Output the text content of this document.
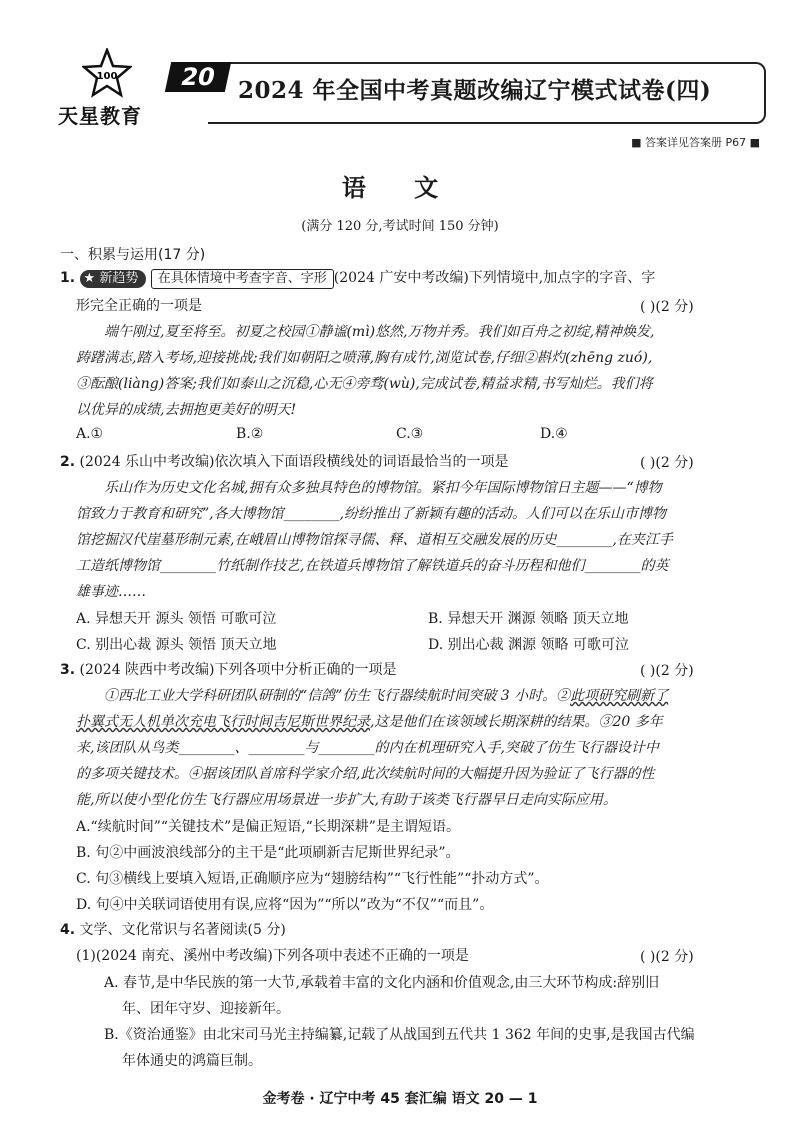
100
天星教育
20 2024 年全国中考真题改编辽宁模式试卷(四)
■ 答案详见答案册 P67 ■
语 文
(满分 120 分,考试时间 150 分钟)
一、积累与运用(17 分)
1. ★ 新趋势 在具体情境中考查字音、字形 (2024 广安中考改编)下列情境中,加点字的字音、字
形完全正确的一项是	( )(2 分)
端午刚过,夏至将至。初夏之校园①静谧(mì)悠然,万物并秀。我们如百舟之初绽,精神焕发,
踌躇满志,踏入考场,迎接挑战;我们如朝阳之喷薄,胸有成竹,浏览试卷,仔细②斟灼(zhēng zuó),
③酝酿(liàng)答案;我们如泰山之沉稳,心无④旁骛(wù),完成试卷,精益求精,书写灿烂。我们将
以优异的成绩,去拥抱更美好的明天!
A.①	B.②	C.③	D.④
2. (2024 乐山中考改编)依次填入下面语段横线处的词语最恰当的一项是	( )(2 分)
乐山作为历史文化名城,拥有众多独具特色的博物馆。紧扣今年国际博物馆日主题——“博物
馆致力于教育和研究”,各大博物馆________,纷纷推出了新颖有趣的活动。人们可以在乐山市博物
馆挖掘汉代崖墓形制元素,在峨眉山博物馆探寻儒、释、道相互交融发展的历史________,在夹江手
工造纸博物馆________竹纸制作技艺,在铁道兵博物馆了解铁道兵的奋斗历程和他们________的英
雄事迹……
A. 异想天开 源头 领悟 可歌可泣	B. 异想天开 渊源 领略 顶天立地
C. 别出心裁 源头 领悟 顶天立地	D. 别出心裁 渊源 领略 可歌可泣
3. (2024 陕西中考改编)下列各项中分析正确的一项是	( )(2 分)
①西北工业大学科研团队研制的“信鸽”仿生飞行器续航时间突破 3 小时。②此项研究刷新了
扑翼式无人机单次充电飞行时间吉尼斯世界纪录,这是他们在该领域长期深耕的结果。③20 多年
来,该团队从鸟类________、________与________的内在机理研究入手,突破了仿生飞行器设计中
的多项关键技术。④据该团队首席科学家介绍,此次续航时间的大幅提升因为验证了飞行器的性
能,所以使小型化仿生飞行器应用场景进一步扩大,有助于该类飞行器早日走向实际应用。
A.“续航时间”“关键技术”是偏正短语,“长期深耕”是主谓短语。
B. 句②中画波浪线部分的主干是“此项刷新吉尼斯世界纪录”。
C. 句③横线上要填入短语,正确顺序应为“翅膀结构”“飞行性能”“扑动方式”。
D. 句④中关联词语使用有误,应将“因为”“所以”改为“不仅”“而且”。
4. 文学、文化常识与名著阅读(5 分)
(1)(2024 南充、溪州中考改编)下列各项中表述不正确的一项是	( )(2 分)
A. 春节,是中华民族的第一大节,承载着丰富的文化内涵和价值观念,由三大环节构成:辞别旧
年、团年守岁、迎接新年。
B.《资治通鉴》由北宋司马光主持编纂,记载了从战国到五代共 1 362 年间的史事,是我国古代编
年体通史的鸿篇巨制。
金考卷 · 辽宁中考 45 套汇编 语文 20 — 1
